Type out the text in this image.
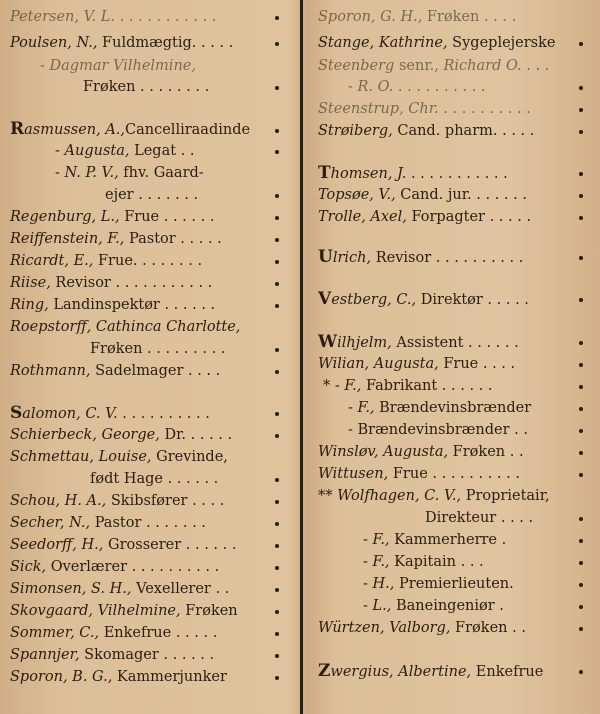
Petersen, V. L. . . . . . . . . . . .
Poulsen, N., Fuldmægtig. . . . .
- Dagmar Vilhelmine,
Frøken . . . . . . . .
Rasmussen, A.,Cancelliraadinde
- Augusta, Legat . .
- N. P. V., fhv. Gaard-
ejer . . . . . . .
Regenburg, L., Frue . . . . . .
Reiffenstein, F., Pastor . . . . .
Ricardt, E., Frue. . . . . . . .
Riise, Revisor . . . . . . . . . . .
Ring, Landinspektør . . . . . .
Roepstorff, Cathinca Charlotte,
Frøken . . . . . . . . .
Rothmann, Sadelmager . . . .
Salomon, C. V. . . . . . . . . . .
Schierbeck, George, Dr. . . . . .
Schmettau, Louise, Grevinde,
født Hage . . . . . .
Schou, H. A., Skibsfører . . . .
Secher, N., Pastor . . . . . . .
Seedorff, H., Grosserer . . . . . .
Sick, Overlærer . . . . . . . . . .
Simonsen, S. H., Vexellerer . .
Skovgaard, Vilhelmine, Frøken
Sommer, C., Enkefrue . . . . .
Spannjer, Skomager . . . . . .
Sporon, B. G., Kammerjunker
Sporon, G. H., Frøken . . . .
Stange, Kathrine, Sygeplejerske
Steenberg senr., Richard O. . . .
- R. O. . . . . . . . . . .
Steenstrup, Chr. . . . . . . . . . .
Strøiberg, Cand. pharm. . . . .
Thomsen, J. . . . . . . . . . . .
Topsøe, V., Cand. jur. . . . . . .
Trolle, Axel, Forpagter . . . . .
Ulrich, Revisor . . . . . . . . . .
Vestberg, C., Direktør . . . . .
Wilhjelm, Assistent . . . . . .
Wilian, Augusta, Frue . . . .
* - F., Fabrikant . . . . . .
- F., Brændevinsbrænder
- Brændevinsbrænder . .
Winsløv, Augusta, Frøken . .
Wittusen, Frue . . . . . . . . . .
** Wolfhagen, C. V., Proprietair,
Direkteur . . . .
- F., Kammerherre .
- F., Kapitain . . .
- H., Premierlieuten.
- L., Baneingeniør .
Würtzen, Valborg, Frøken . .
Zwergius, Albertine, Enkefrue
